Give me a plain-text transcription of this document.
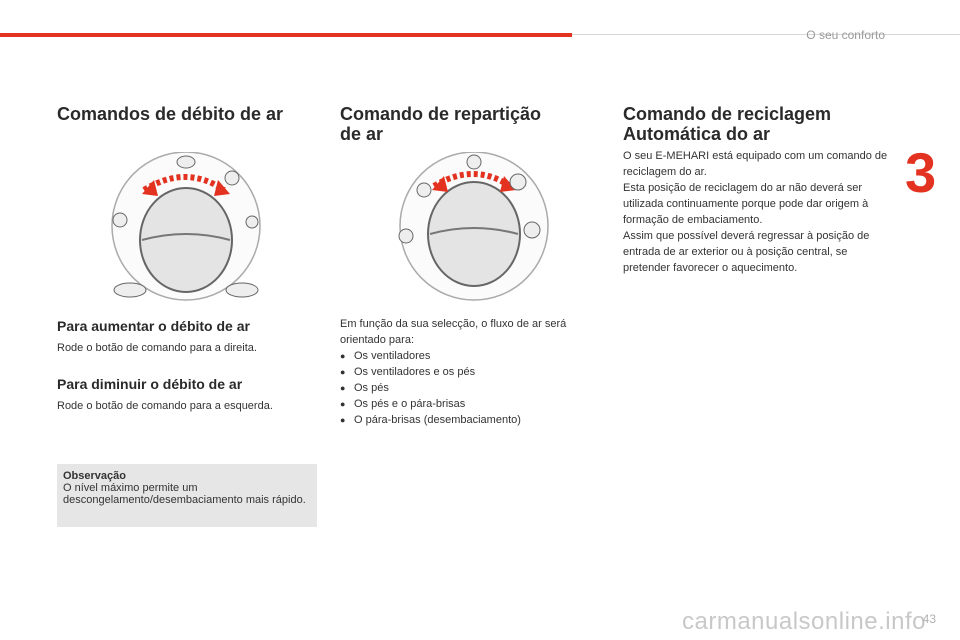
O seu conforto
3
Comandos de débito de ar
Para aumentar o débito de ar

Rode o botão de comando para a direita.

Para diminuir o débito de ar

Rode o botão de comando para a esquerda.

Observação
O nível máximo permite um descongelamento/desembaciamento mais rápido.
Comando de repartição
de ar

Em função da sua selecção, o fluxo de ar será orientado para:

● Os ventiladores
● Os ventiladores e os pés
● Os pés
● Os pés e o pára-brisas
● O pára-brisas (desembaciamento)
Comando de reciclagem
Automática do ar

O seu E-MEHARI está equipado com um comando de reciclagem do ar.

Esta posição de reciclagem do ar não deverá ser utilizada continuamente porque pode dar origem à formação de embaciamento.

Assim que possível deverá regressar à posição de entrada de ar exterior ou à posição central, se pretender favorecer o aquecimento.

carmanualsonline.info
43
